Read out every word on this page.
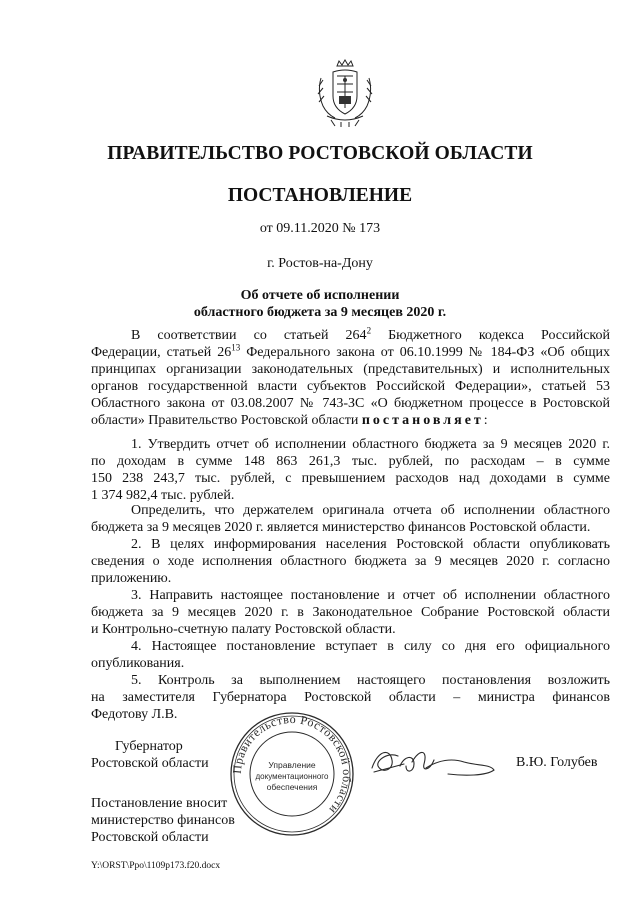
ПРАВИТЕЛЬСТВО РОСТОВСКОЙ ОБЛАСТИ
ПОСТАНОВЛЕНИЕ
от 09.11.2020 № 173
г. Ростов-на-Дону
Об отчете об исполнении
областного бюджета за 9 месяцев 2020 г.
В соответствии со статьей $264^2$ Бюджетного кодекса Российской
Федерации, статьей $26^{13}$ Федерального закона от 06.10.1999 № 184-ФЗ «Об общих
принципах организации законодательных (представительных) и исполнительных
органов государственной власти субъектов Российской Федерации», статьей 53
Областного закона от 03.08.2007 № 743-ЗС «О бюджетном процессе в Ростовской
области» Правительство Ростовской области постановляет:
1. Утвердить отчет об исполнении областного бюджета за 9 месяцев 2020 г.
по доходам в сумме 148 863 261,3 тыс. рублей, по расходам – в сумме
150 238 243,7 тыс. рублей, с превышением расходов над доходами в сумме
1 374 982,4 тыс. рублей.
Определить, что держателем оригинала отчета об исполнении областного
бюджета за 9 месяцев 2020 г. является министерство финансов Ростовской области.
2. В целях информирования населения Ростовской области опубликовать
сведения о ходе исполнения областного бюджета за 9 месяцев 2020 г. согласно
приложению.
3. Направить настоящее постановление и отчет об исполнении областного
бюджета за 9 месяцев 2020 г. в Законодательное Собрание Ростовской области
и Контрольно-счетную палату Ростовской области.
4. Настоящее постановление вступает в силу со дня его официального
опубликования.
5. Контроль за выполнением настоящего постановления возложить
на заместителя Губернатора Ростовской области – министра финансов
Федотову Л.В.
Губернатор
Ростовской области	В.Ю. Голубев
Правительство Ростовской области
Управление
документационного
обеспечения
Постановление вносит
министерство финансов
Ростовской области
Y:\ORST\Ppo\1109p173.f20.docx
